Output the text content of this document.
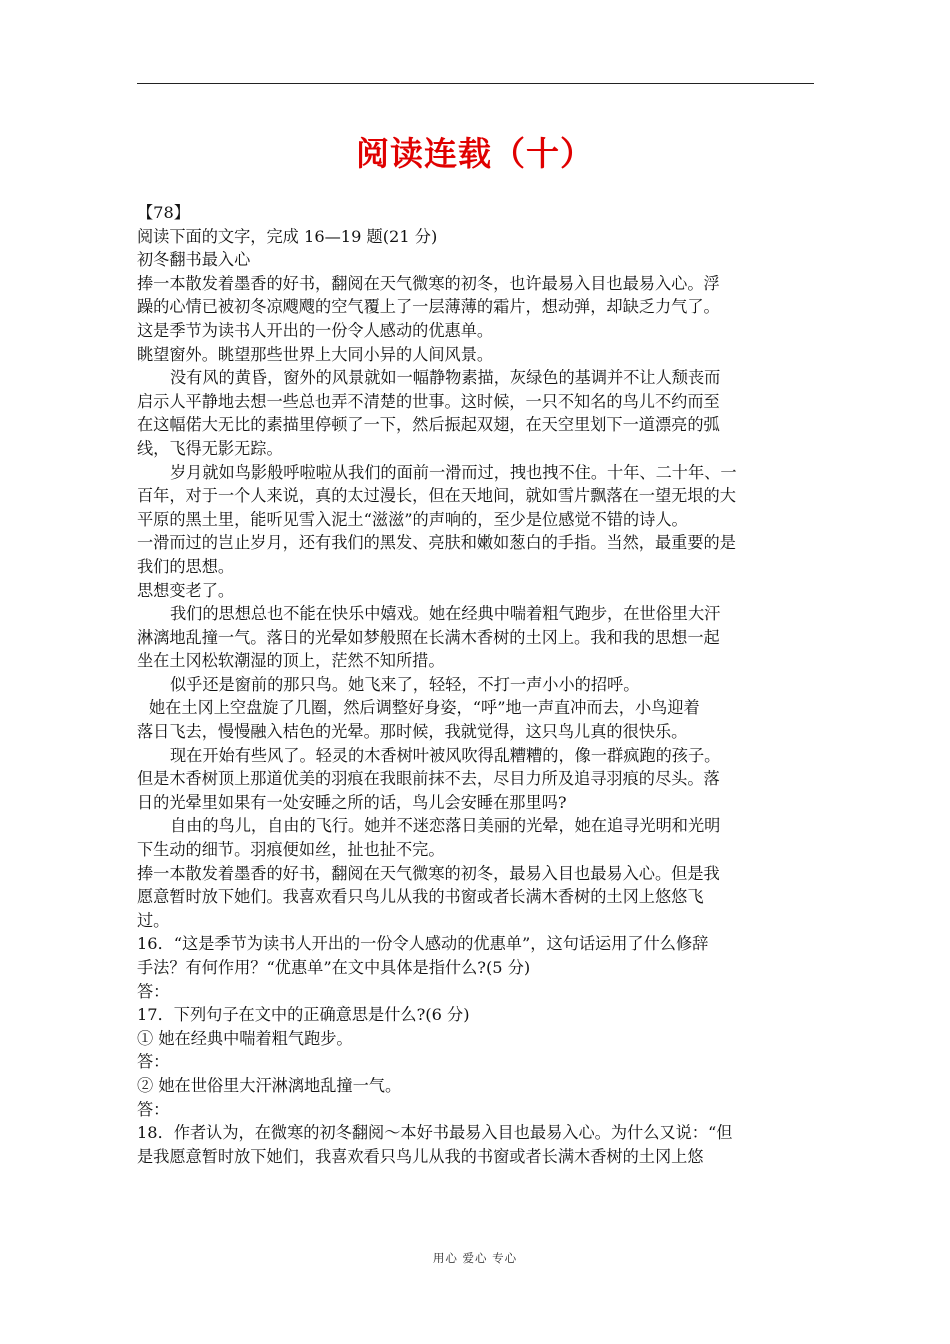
阅读连载（十）
【78】
阅读下面的文字，完成 16—19 题(21 分)
初冬翻书最入心
捧一本散发着墨香的好书，翻阅在天气微寒的初冬，也许最易入目也最易入心。浮
躁的心情已被初冬凉飕飕的空气覆上了一层薄薄的霜片，想动弹，却缺乏力气了。
这是季节为读书人开出的一份令人感动的优惠单。
眺望窗外。眺望那些世界上大同小异的人间风景。
没有风的黄昏，窗外的风景就如一幅静物素描，灰绿色的基调并不让人颓丧而
启示人平静地去想一些总也弄不清楚的世事。这时候，一只不知名的鸟儿不约而至
在这幅偌大无比的素描里停顿了一下，然后振起双翅，在天空里划下一道漂亮的弧
线，飞得无影无踪。
岁月就如鸟影般呼啦啦从我们的面前一滑而过，拽也拽不住。十年、二十年、一
百年，对于一个人来说，真的太过漫长，但在天地间，就如雪片飘落在一望无垠的大
平原的黑土里，能听见雪入泥土“滋滋”的声响的，至少是位感觉不错的诗人。
一滑而过的岂止岁月，还有我们的黑发、亮肤和嫩如葱白的手指。当然，最重要的是
我们的思想。
思想变老了。
我们的思想总也不能在快乐中嬉戏。她在经典中喘着粗气跑步，在世俗里大汗
淋漓地乱撞一气。落日的光晕如梦般照在长满木香树的土冈上。我和我的思想一起
坐在土冈松软潮湿的顶上，茫然不知所措。
似乎还是窗前的那只鸟。她飞来了，轻轻，不打一声小小的招呼。
她在土冈上空盘旋了几圈，然后调整好身姿，“呼”地一声直冲而去，小鸟迎着
落日飞去，慢慢融入桔色的光晕。那时候，我就觉得，这只鸟儿真的很快乐。
现在开始有些风了。轻灵的木香树叶被风吹得乱糟糟的，像一群疯跑的孩子。
但是木香树顶上那道优美的羽痕在我眼前抹不去，尽目力所及追寻羽痕的尽头。落
日的光晕里如果有一处安睡之所的话，鸟儿会安睡在那里吗?
自由的鸟儿，自由的飞行。她并不迷恋落日美丽的光晕，她在追寻光明和光明
下生动的细节。羽痕便如丝，扯也扯不完。
捧一本散发着墨香的好书，翻阅在天气微寒的初冬，最易入目也最易入心。但是我
愿意暂时放下她们。我喜欢看只鸟儿从我的书窗或者长满木香树的土冈上悠悠飞
过。
16．“这是季节为读书人开出的一份令人感动的优惠单”，这句话运用了什么修辞
手法？有何作用？“优惠单”在文中具体是指什么?(5 分)
答：
17．下列句子在文中的正确意思是什么?(6 分)
① 她在经典中喘着粗气跑步。
答：
② 她在世俗里大汗淋漓地乱撞一气。
答：
18．作者认为，在微寒的初冬翻阅～本好书最易入目也最易入心。为什么又说：“但
是我愿意暂时放下她们，我喜欢看只鸟儿从我的书窗或者长满木香树的土冈上悠
用心 爱心 专心
